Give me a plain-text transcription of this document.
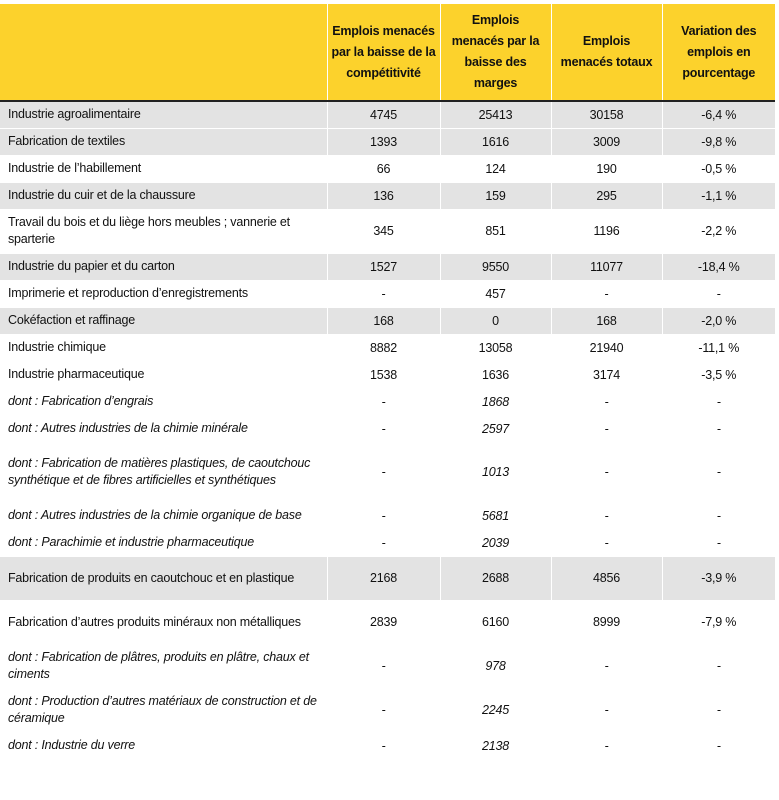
	Emplois menacés par la baisse de la compétitivité	Emplois menacés par la baisse des marges	Emplois menacés totaux	Variation des emplois en pourcentage
Industrie agroalimentaire	4745	25413	30158	-6,4 %
Fabrication de textiles	1393	1616	3009	-9,8 %
Industrie de l’habillement	66	124	190	-0,5 %
Industrie du cuir et de la chaussure	136	159	295	-1,1 %
Travail du bois et du liège hors meubles ; vannerie et sparterie	345	851	1196	-2,2 %
Industrie du papier et du carton	1527	9550	11077	-18,4 %
Imprimerie et reproduction d’enregistrements	-	457	-	-
Cokéfaction et raffinage	168	0	168	-2,0 %
Industrie chimique	8882	13058	21940	-11,1 %
Industrie pharmaceutique	1538	1636	3174	-3,5 %
dont : Fabrication d’engrais	-	1868	-	-
dont : Autres industries de la chimie minérale	-	2597	-	-
dont : Fabrication de matières plastiques, de caoutchouc synthétique et de fibres artificielles et synthétiques	-	1013	-	-
dont : Autres industries de la chimie organique de base	-	5681	-	-
dont : Parachimie et industrie pharmaceutique	-	2039	-	-
Fabrication de produits en caoutchouc et en plastique	2168	2688	4856	-3,9 %
Fabrication d’autres produits minéraux non métalliques	2839	6160	8999	-7,9 %
dont : Fabrication de plâtres, produits en plâtre, chaux et ciments	-	978	-	-
dont : Production d’autres matériaux de construction et de céramique	-	2245	-	-
dont : Industrie du verre	-	2138	-	-
